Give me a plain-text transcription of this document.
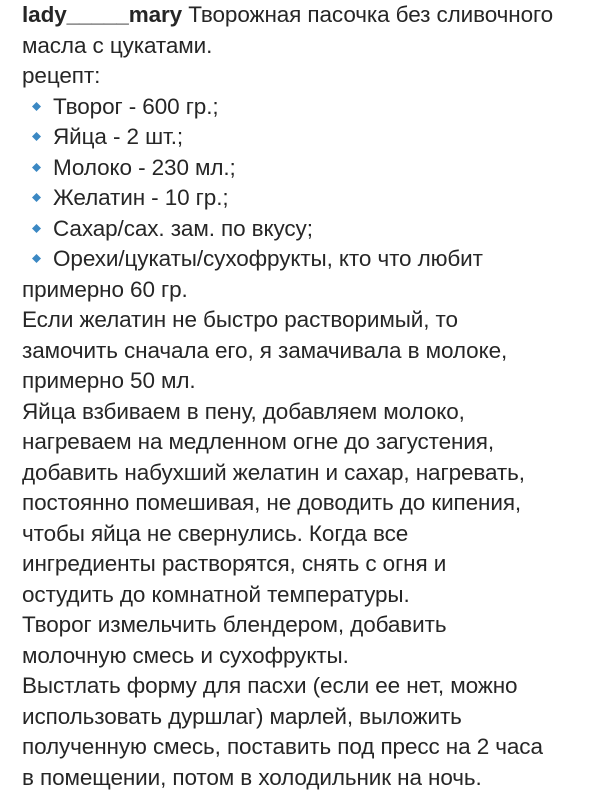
lady_____mary Творожная пасочка без сливочного
масла с цукатами.
рецепт:
Творог - 600 гр.;
Яйца - 2 шт.;
Молоко - 230 мл.;
Желатин - 10 гр.;
Сахар/сах. зам. по вкусу;
Орехи/цукаты/сухофрукты, кто что любит
примерно 60 гр.
Если желатин не быстро растворимый, то
замочить сначала его, я замачивала в молоке,
примерно 50 мл.
Яйца взбиваем в пену, добавляем молоко,
нагреваем на медленном огне до загустения,
добавить набухший желатин и сахар, нагревать,
постоянно помешивая, не доводить до кипения,
чтобы яйца не свернулись. Когда все
ингредиенты растворятся, снять с огня и
остудить до комнатной температуры.
Творог измельчить блендером, добавить
молочную смесь и сухофрукты.
Выстлать форму для пасхи (если ее нет, можно
использовать дуршлаг) марлей, выложить
полученную смесь, поставить под пресс на 2 часа
в помещении, потом в холодильник на ночь.
